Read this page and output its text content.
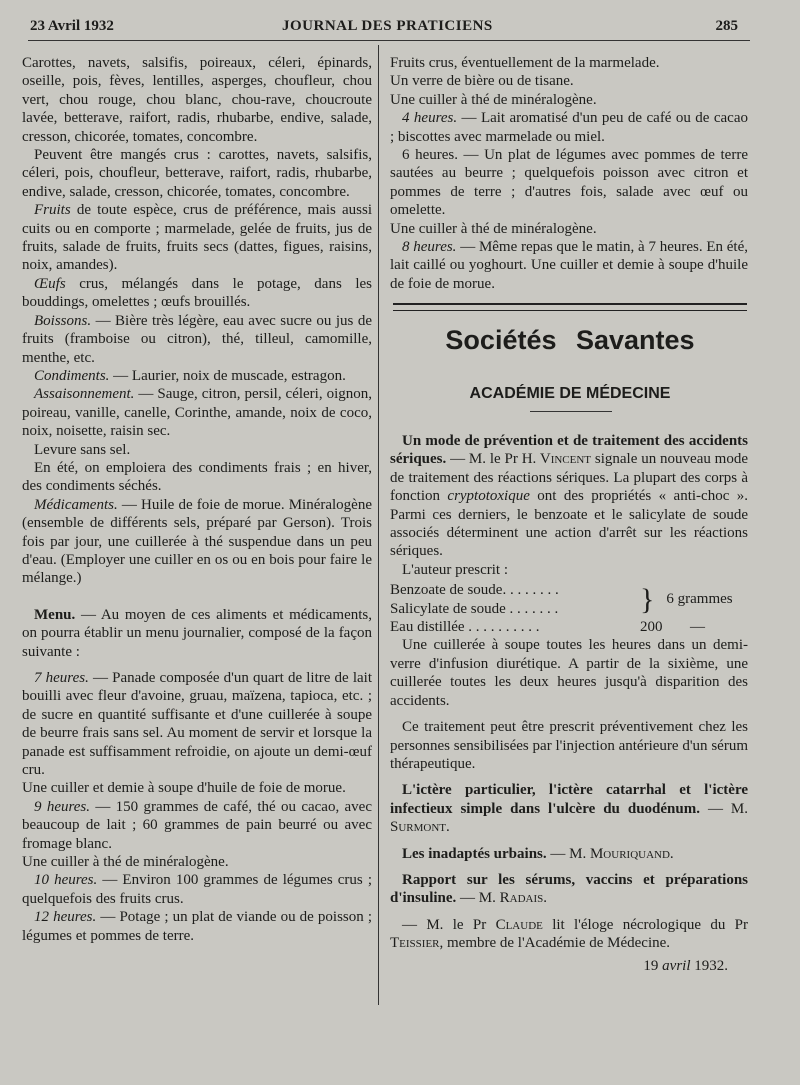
23 Avril 1932	JOURNAL DES PRATICIENS	285

Carottes, navets, salsifis, poireaux, céleri, épinards, oseille, pois, fèves, lentilles, asperges, choufleur, chou vert, chou rouge, chou blanc, chou-rave, choucroute lavée, betterave, raifort, radis, rhubarbe, endive, salade, cresson, chicorée, tomates, concombre.

Peuvent être mangés crus : carottes, navets, salsifis, céleri, pois, choufleur, betterave, raifort, radis, rhubarbe, endive, salade, cresson, chicorée, tomates, concombre.

Fruits de toute espèce, crus de préférence, mais aussi cuits ou en comporte ; marmelade, gelée de fruits, jus de fruits, salade de fruits, fruits secs (dattes, figues, raisins, noix, amandes).

Œufs crus, mélangés dans le potage, dans les bouddings, omelettes ; œufs brouillés.

Boissons. — Bière très légère, eau avec sucre ou jus de fruits (framboise ou citron), thé, tilleul, camomille, menthe, etc.

Condiments. — Laurier, noix de muscade, estragon.

Assaisonnement. — Sauge, citron, persil, céleri, oignon, poireau, vanille, canelle, Corinthe, amande, noix de coco, noix, noisette, raisin sec.

Levure sans sel.

En été, on emploiera des condiments frais ; en hiver, des condiments séchés.

Médicaments. — Huile de foie de morue. Minéralogène (ensemble de différents sels, préparé par Gerson). Trois fois par jour, une cuillerée à thé suspendue dans un peu d'eau. (Employer une cuiller en os ou en bois pour faire le mélange.)

Menu. — Au moyen de ces aliments et médicaments, on pourra établir un menu journalier, composé de la façon suivante :

7 heures. — Panade composée d'un quart de litre de lait bouilli avec fleur d'avoine, gruau, maïzena, tapioca, etc. ; de sucre en quantité suffisante et d'une cuillerée à soupe de beurre frais sans sel. Au moment de servir et lorsque la panade est suffisamment refroidie, on ajoute un demi-œuf cru.

Une cuiller et demie à soupe d'huile de foie de morue.

9 heures. — 150 grammes de café, thé ou cacao, avec beaucoup de lait ; 60 grammes de pain beurré ou avec fromage blanc.

Une cuiller à thé de minéralogène.

10 heures. — Environ 100 grammes de légumes crus ; quelquefois des fruits crus.

12 heures. — Potage ; un plat de viande ou de poisson ; légumes et pommes de terre.

Fruits crus, éventuellement de la marmelade.

Un verre de bière ou de tisane.

Une cuiller à thé de minéralogène.

4 heures. — Lait aromatisé d'un peu de café ou de cacao ; biscottes avec marmelade ou miel.

6 heures. — Un plat de légumes avec pommes de terre sautées au beurre ; quelquefois poisson avec citron et pommes de terre ; d'autres fois, salade avec œuf ou omelette.

Une cuiller à thé de minéralogène.

8 heures. — Même repas que le matin, à 7 heures. En été, lait caillé ou yoghourt. Une cuiller et demie à soupe d'huile de foie de morue.

Sociétés Savantes
ACADÉMIE DE MÉDECINE

Un mode de prévention et de traitement des accidents sériques. — M. le Pr H. Vincent signale un nouveau mode de traitement des réactions sériques. La plupart des corps à fonction cryptotoxique ont des propriétés « anti-choc ». Parmi ces derniers, le benzoate et le salicylate de soude associés déterminent une action d'arrêt sur les réactions sériques.

L'auteur prescrit :

Benzoate de soude. . . . . . . .
Salicylate de soude . . . . . . .	} 6 grammes
Eau distillée . . . . . . . . . .	200	—

Une cuillerée à soupe toutes les heures dans un demi-verre d'infusion diurétique. A partir de la sixième, une cuillerée toutes les deux heures jusqu'à disparition des accidents.

Ce traitement peut être prescrit préventivement chez les personnes sensibilisées par l'injection antérieure d'un sérum thérapeutique.

L'ictère particulier, l'ictère catarrhal et l'ictère infectieux simple dans l'ulcère du duodénum. — M. Surmont.

Les inadaptés urbains. — M. Mouriquand.

Rapport sur les sérums, vaccins et préparations d'insuline. — M. Radais.

— M. le Pr Claude lit l'éloge nécrologique du Pr Teissier, membre de l'Académie de Médecine.

19 avril 1932.
